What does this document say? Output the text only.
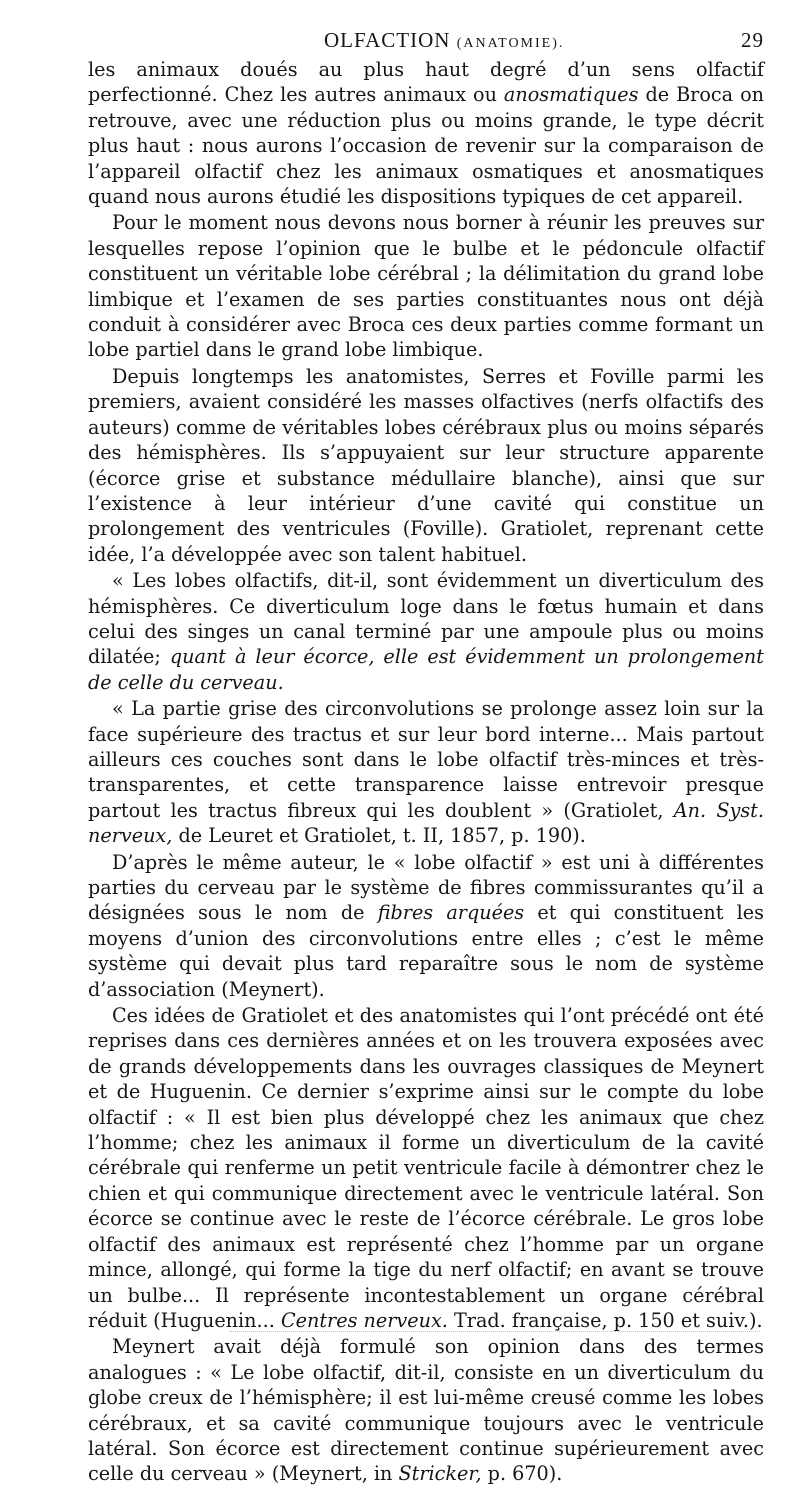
OLFACTION (ANATOMIE).	29

les animaux doués au plus haut degré d’un sens olfactif perfectionné. Chez les autres animaux ou anosmatiques de Broca on retrouve, avec une réduction plus ou moins grande, le type décrit plus haut : nous aurons l’occasion de revenir sur la comparaison de l’appareil olfactif chez les animaux osmatiques et anosmatiques quand nous aurons étudié les dispositions typiques de cet appareil.

Pour le moment nous devons nous borner à réunir les preuves sur lesquelles repose l’opinion que le bulbe et le pédoncule olfactif constituent un véritable lobe cérébral ; la délimitation du grand lobe limbique et l’examen de ses parties constituantes nous ont déjà conduit à considérer avec Broca ces deux parties comme formant un lobe partiel dans le grand lobe limbique.

Depuis longtemps les anatomistes, Serres et Foville parmi les premiers, avaient considéré les masses olfactives (nerfs olfactifs des auteurs) comme de véritables lobes cérébraux plus ou moins séparés des hémisphères. Ils s’appuyaient sur leur structure apparente (écorce grise et substance médullaire blanche), ainsi que sur l’existence à leur intérieur d’une cavité qui constitue un prolongement des ventricules (Foville). Gratiolet, reprenant cette idée, l’a développée avec son talent habituel.

« Les lobes olfactifs, dit-il, sont évidemment un diverticulum des hémisphères. Ce diverticulum loge dans le fœtus humain et dans celui des singes un canal terminé par une ampoule plus ou moins dilatée; quant à leur écorce, elle est évidemment un prolongement de celle du cerveau.

« La partie grise des circonvolutions se prolonge assez loin sur la face supérieure des tractus et sur leur bord interne... Mais partout ailleurs ces couches sont dans le lobe olfactif très-minces et très-transparentes, et cette transparence laisse entrevoir presque partout les tractus fibreux qui les doublent » (Gratiolet, An. Syst. nerveux, de Leuret et Gratiolet, t. II, 1857, p. 190).

D’après le même auteur, le « lobe olfactif » est uni à différentes parties du cerveau par le système de fibres commissurantes qu’il a désignées sous le nom de fibres arquées et qui constituent les moyens d’union des circonvolutions entre elles ; c’est le même système qui devait plus tard reparaître sous le nom de système d’association (Meynert).

Ces idées de Gratiolet et des anatomistes qui l’ont précédé ont été reprises dans ces dernières années et on les trouvera exposées avec de grands développements dans les ouvrages classiques de Meynert et de Huguenin. Ce dernier s’exprime ainsi sur le compte du lobe olfactif : « Il est bien plus développé chez les animaux que chez l’homme; chez les animaux il forme un diverticulum de la cavité cérébrale qui renferme un petit ventricule facile à démontrer chez le chien et qui communique directement avec le ventricule latéral. Son écorce se continue avec le reste de l’écorce cérébrale. Le gros lobe olfactif des animaux est représenté chez l’homme par un organe mince, allongé, qui forme la tige du nerf olfactif; en avant se trouve un bulbe... Il représente incontestablement un organe cérébral réduit (Huguenin... Centres nerveux. Trad. française, p. 150 et suiv.).

Meynert avait déjà formulé son opinion dans des termes analogues : « Le lobe olfactif, dit-il, consiste en un diverticulum du globe creux de l’hémisphère; il est lui-même creusé comme les lobes cérébraux, et sa cavité communique toujours avec le ventricule latéral. Son écorce est directement continue supérieurement avec celle du cerveau » (Meynert, in Stricker, p. 670).
